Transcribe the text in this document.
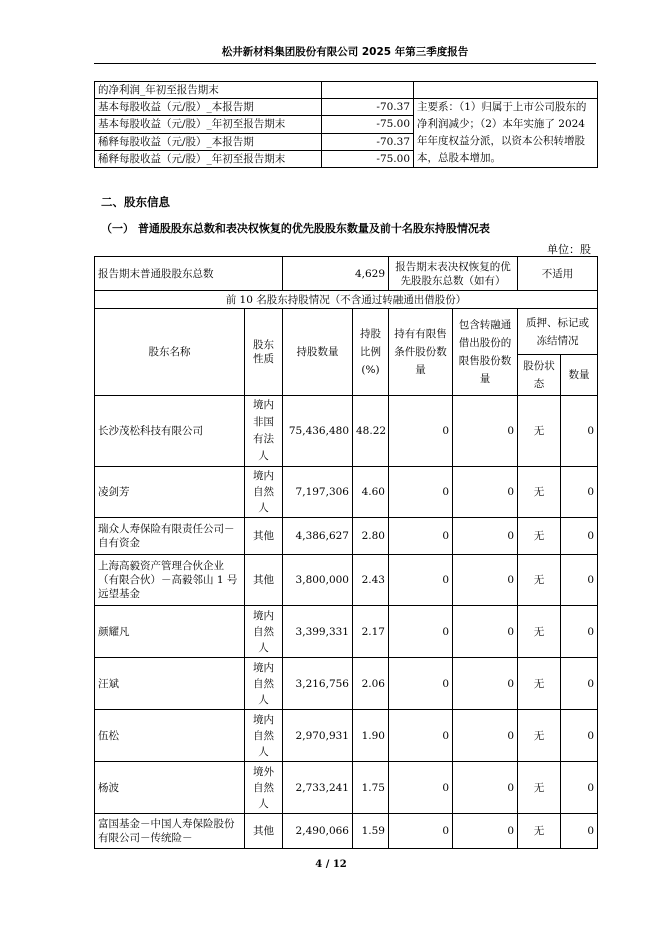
松井新材料集团股份有限公司 2025 年第三季度报告
的净利润_年初至报告期末		
基本每股收益（元/股）_本报告期	-70.37	主要系：（1）归属于上市公司股东的净利润减少；（2）本年实施了 2024 年年度权益分派，以资本公积转增股本，总股本增加。
基本每股收益（元/股）_年初至报告期末	-75.00	
稀释每股收益（元/股）_本报告期	-70.37	
稀释每股收益（元/股）_年初至报告期末	-75.00	
二、股东信息
（一） 普通股股东总数和表决权恢复的优先股股东数量及前十名股东持股情况表
单位：股
报告期末普通股股东总数		4,629		报告期末表决权恢复的优先股股东总数（如有）		不适用	
前 10 名股东持股情况（不含通过转融通出借股份）							
股东名称	股东性质	持股数量	持股比例(%)	持有有限售条件股份数量	包含转融通借出股份的限售股份数量	质押、标记或冻结情况	
						股份状态	数量
长沙茂松科技有限公司	境内非国有法人	75,436,480	48.22	0	0	无	0
凌剑芳	境内自然人	7,197,306	4.60	0	0	无	0
瑞众人寿保险有限责任公司－自有资金	其他	4,386,627	2.80	0	0	无	0
上海高毅资产管理合伙企业（有限合伙）－高毅邻山 1 号远望基金	其他	3,800,000	2.43	0	0	无	0
颜耀凡	境内自然人	3,399,331	2.17	0	0	无	0
汪斌	境内自然人	3,216,756	2.06	0	0	无	0
伍松	境内自然人	2,970,931	1.90	0	0	无	0
杨波	境外自然人	2,733,241	1.75	0	0	无	0
富国基金－中国人寿保险股份有限公司－传统险－	其他	2,490,066	1.59	0	0	无	0
4 / 12
